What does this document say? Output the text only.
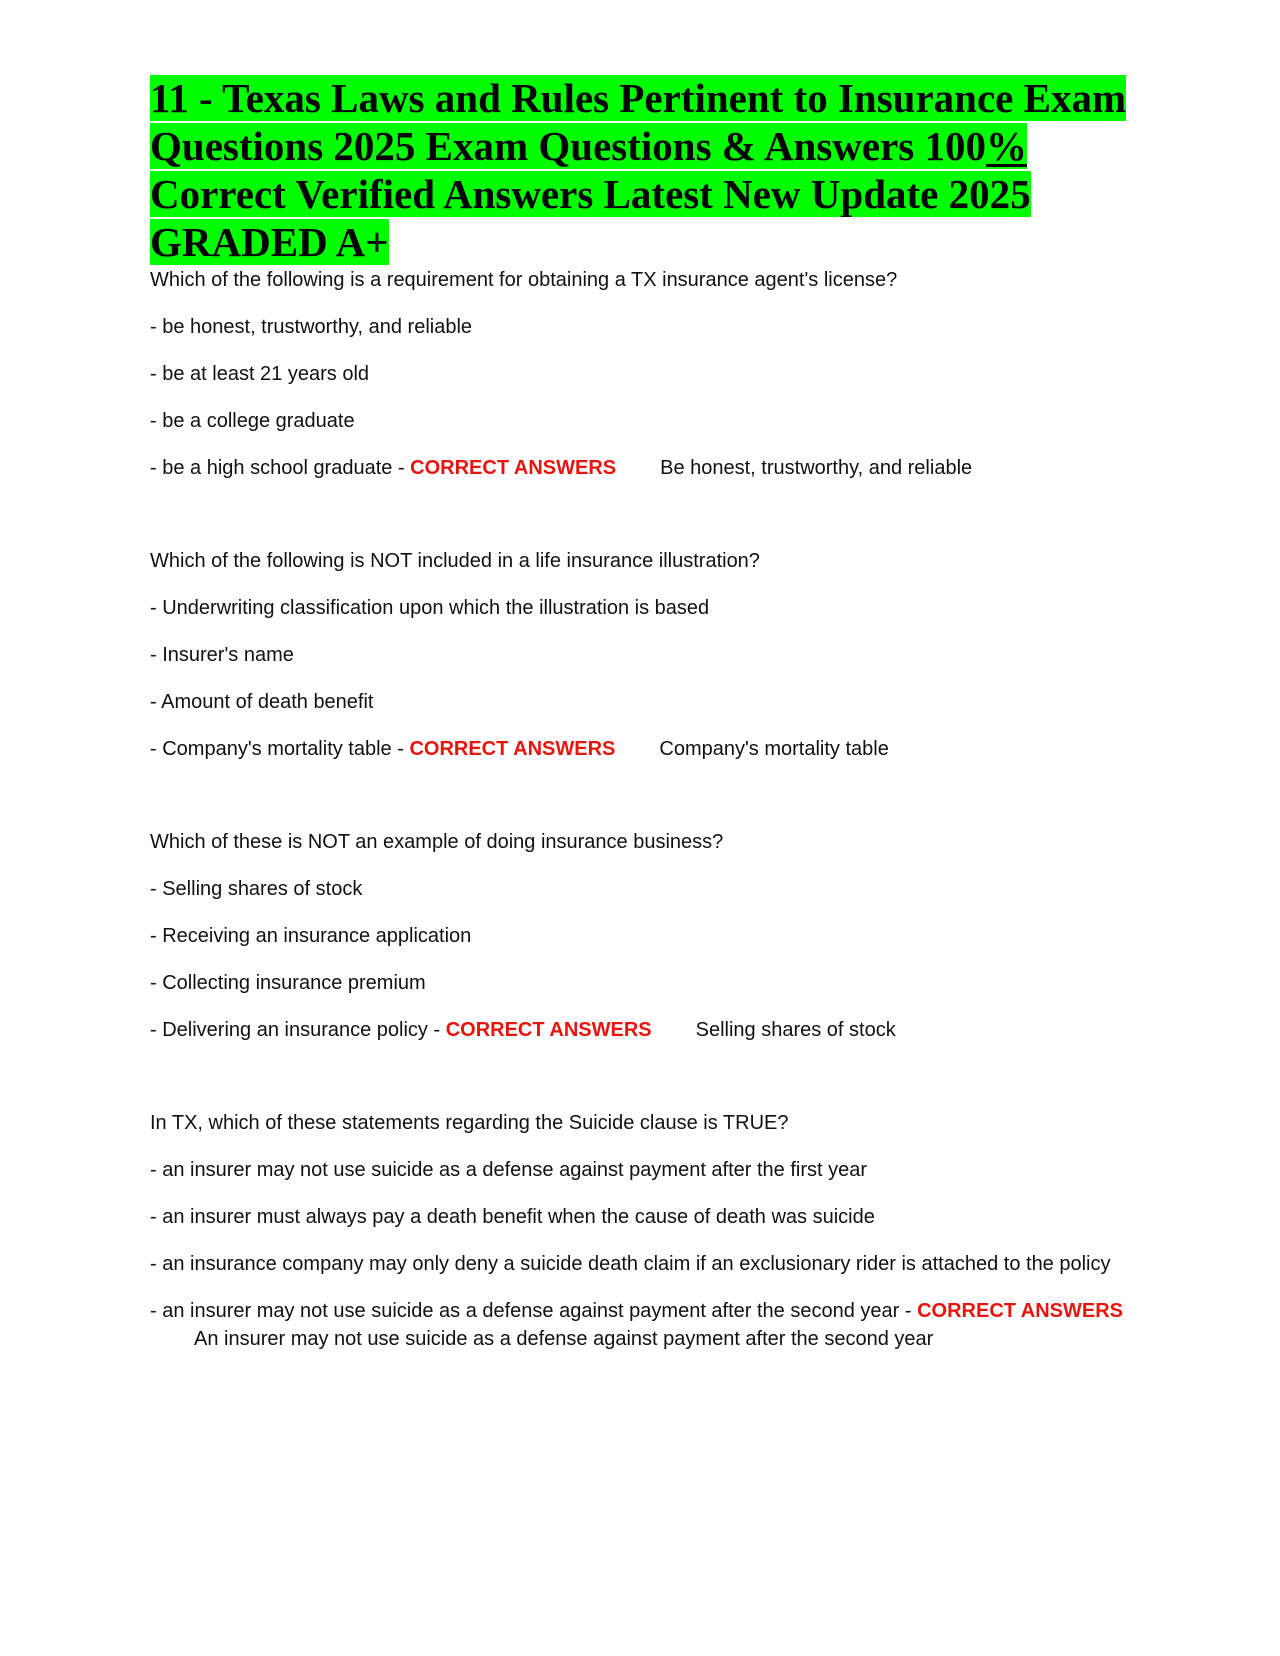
11 - Texas Laws and Rules Pertinent to Insurance Exam Questions 2025 Exam Questions & Answers 100% Correct Verified Answers Latest New Update 2025 GRADED A+

Which of the following is a requirement for obtaining a TX insurance agent's license?

- be honest, trustworthy, and reliable

- be at least 21 years old

- be a college graduate

- be a high school graduate - CORRECT ANSWERS Be honest, trustworthy, and reliable

Which of the following is NOT included in a life insurance illustration?

- Underwriting classification upon which the illustration is based

- Insurer's name

- Amount of death benefit

- Company's mortality table - CORRECT ANSWERS Company's mortality table

Which of these is NOT an example of doing insurance business?

- Selling shares of stock

- Receiving an insurance application

- Collecting insurance premium

- Delivering an insurance policy - CORRECT ANSWERS Selling shares of stock

In TX, which of these statements regarding the Suicide clause is TRUE?

- an insurer may not use suicide as a defense against payment after the first year

- an insurer must always pay a death benefit when the cause of death was suicide

- an insurance company may only deny a suicide death claim if an exclusionary rider is attached to the policy

- an insurer may not use suicide as a defense against payment after the second year - CORRECT ANSWERSAn insurer may not use suicide as a defense against payment after the second year
